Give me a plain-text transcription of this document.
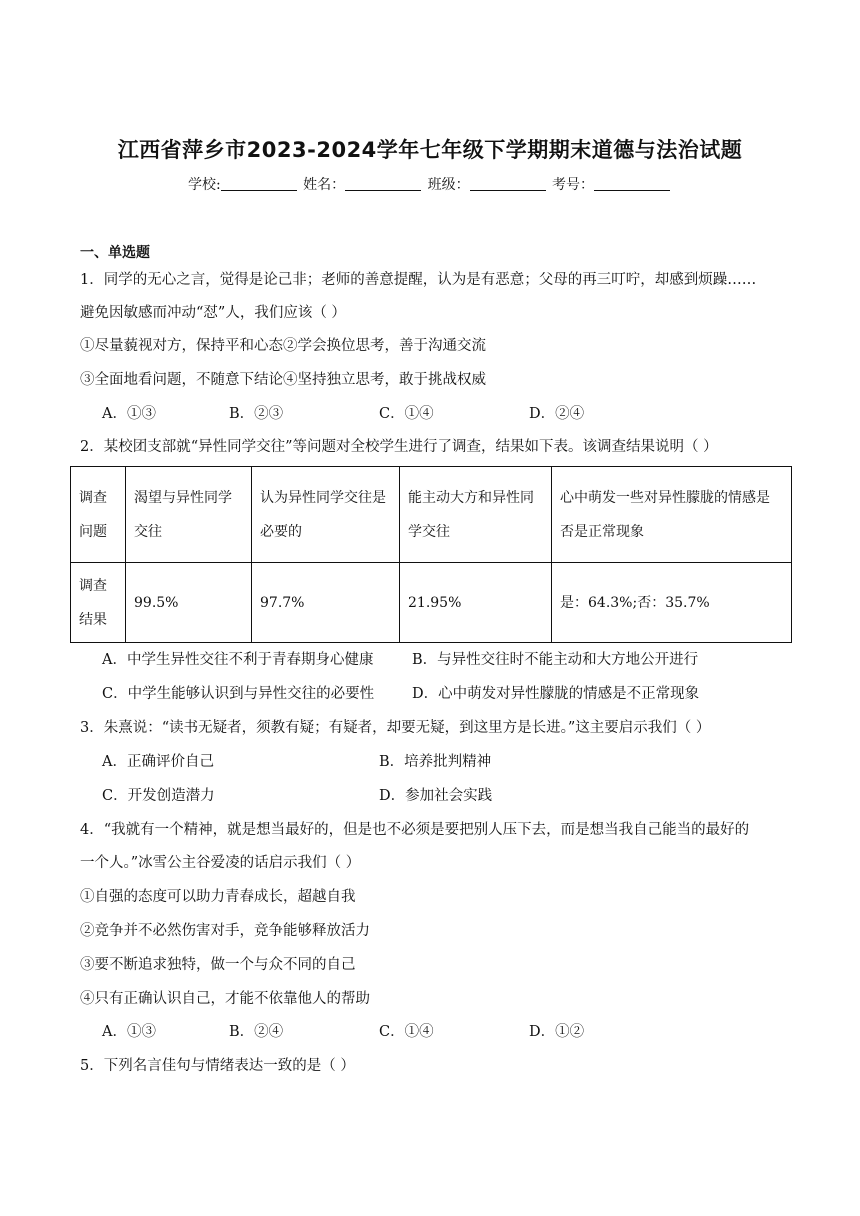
江西省萍乡市2023-2024学年七年级下学期期末道德与法治试题
学校:	姓名：	班级：	考号：
一、单选题
1．同学的无心之言，觉得是论己非；老师的善意提醒，认为是有恶意；父母的再三叮咛，却感到烦躁……
避免因敏感而冲动“怼”人，我们应该（ ）
①尽量藐视对方，保持平和心态②学会换位思考，善于沟通交流
③全面地看问题，不随意下结论④坚持独立思考，敢于挑战权威
A．①③	B．②③	C．①④	D．②④
2．某校团支部就“异性同学交往”等问题对全校学生进行了调查，结果如下表。该调查结果说明（ ）
调查问题	渴望与异性同学交往	认为异性同学交往是必要的	能主动大方和异性同学交往	心中萌发一些对异性朦胧的情感是否是正常现象
调查结果	99.5%	97.7%	21.95%	是：64.3%;否：35.7%
A．中学生异性交往不利于青春期身心健康	B．与异性交往时不能主动和大方地公开进行
C．中学生能够认识到与异性交往的必要性	D．心中萌发对异性朦胧的情感是不正常现象
3．朱熹说：“读书无疑者，须教有疑；有疑者，却要无疑，到这里方是长进。”这主要启示我们（ ）
A．正确评价自己	B．培养批判精神
C．开发创造潜力	D．参加社会实践
4．“我就有一个精神，就是想当最好的，但是也不必须是要把别人压下去，而是想当我自己能当的最好的
一个人。”冰雪公主谷爱凌的话启示我们（ ）
①自强的态度可以助力青春成长，超越自我
②竞争并不必然伤害对手，竞争能够释放活力
③要不断追求独特，做一个与众不同的自己
④只有正确认识自己，才能不依靠他人的帮助
A．①③	B．②④	C．①④	D．①②
5．下列名言佳句与情绪表达一致的是（ ）
